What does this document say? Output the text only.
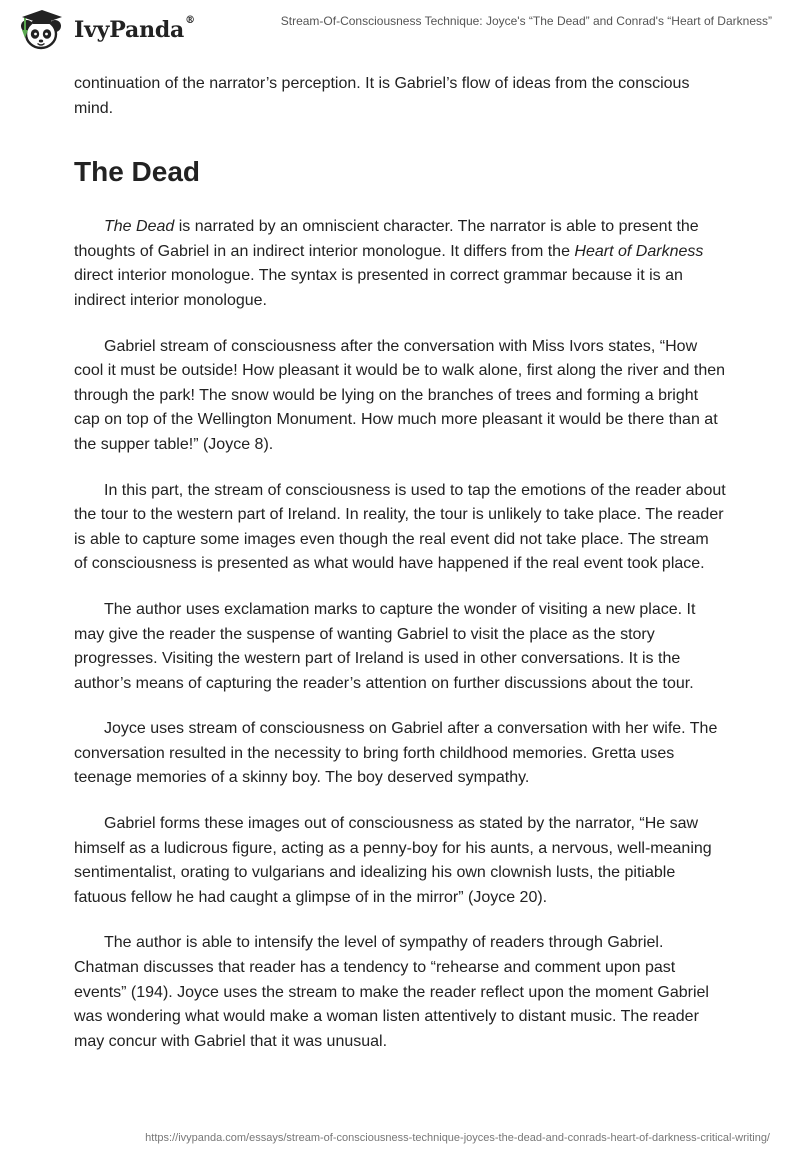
IvyPanda®	Stream-Of-Consciousness Technique: Joyce's “The Dead” and Conrad's “Heart of Darkness”

continuation of the narrator’s perception. It is Gabriel’s flow of ideas from the conscious mind.

The Dead

The Dead is narrated by an omniscient character. The narrator is able to present the thoughts of Gabriel in an indirect interior monologue. It differs from the Heart of Darkness direct interior monologue. The syntax is presented in correct grammar because it is an indirect interior monologue.

Gabriel stream of consciousness after the conversation with Miss Ivors states, “How cool it must be outside! How pleasant it would be to walk alone, first along the river and then through the park! The snow would be lying on the branches of trees and forming a bright cap on top of the Wellington Monument. How much more pleasant it would be there than at the supper table!” (Joyce 8).

In this part, the stream of consciousness is used to tap the emotions of the reader about the tour to the western part of Ireland. In reality, the tour is unlikely to take place. The reader is able to capture some images even though the real event did not take place. The stream of consciousness is presented as what would have happened if the real event took place.

The author uses exclamation marks to capture the wonder of visiting a new place. It may give the reader the suspense of wanting Gabriel to visit the place as the story progresses. Visiting the western part of Ireland is used in other conversations. It is the author’s means of capturing the reader’s attention on further discussions about the tour.

Joyce uses stream of consciousness on Gabriel after a conversation with her wife. The conversation resulted in the necessity to bring forth childhood memories. Gretta uses teenage memories of a skinny boy. The boy deserved sympathy.

Gabriel forms these images out of consciousness as stated by the narrator, “He saw himself as a ludicrous figure, acting as a penny-boy for his aunts, a nervous, well-meaning sentimentalist, orating to vulgarians and idealizing his own clownish lusts, the pitiable fatuous fellow he had caught a glimpse of in the mirror” (Joyce 20).

The author is able to intensify the level of sympathy of readers through Gabriel. Chatman discusses that reader has a tendency to “rehearse and comment upon past events” (194). Joyce uses the stream to make the reader reflect upon the moment Gabriel was wondering what would make a woman listen attentively to distant music. The reader may concur with Gabriel that it was unusual.

https://ivypanda.com/essays/stream-of-consciousness-technique-joyces-the-dead-and-conrads-heart-of-darkness-critical-writing/
